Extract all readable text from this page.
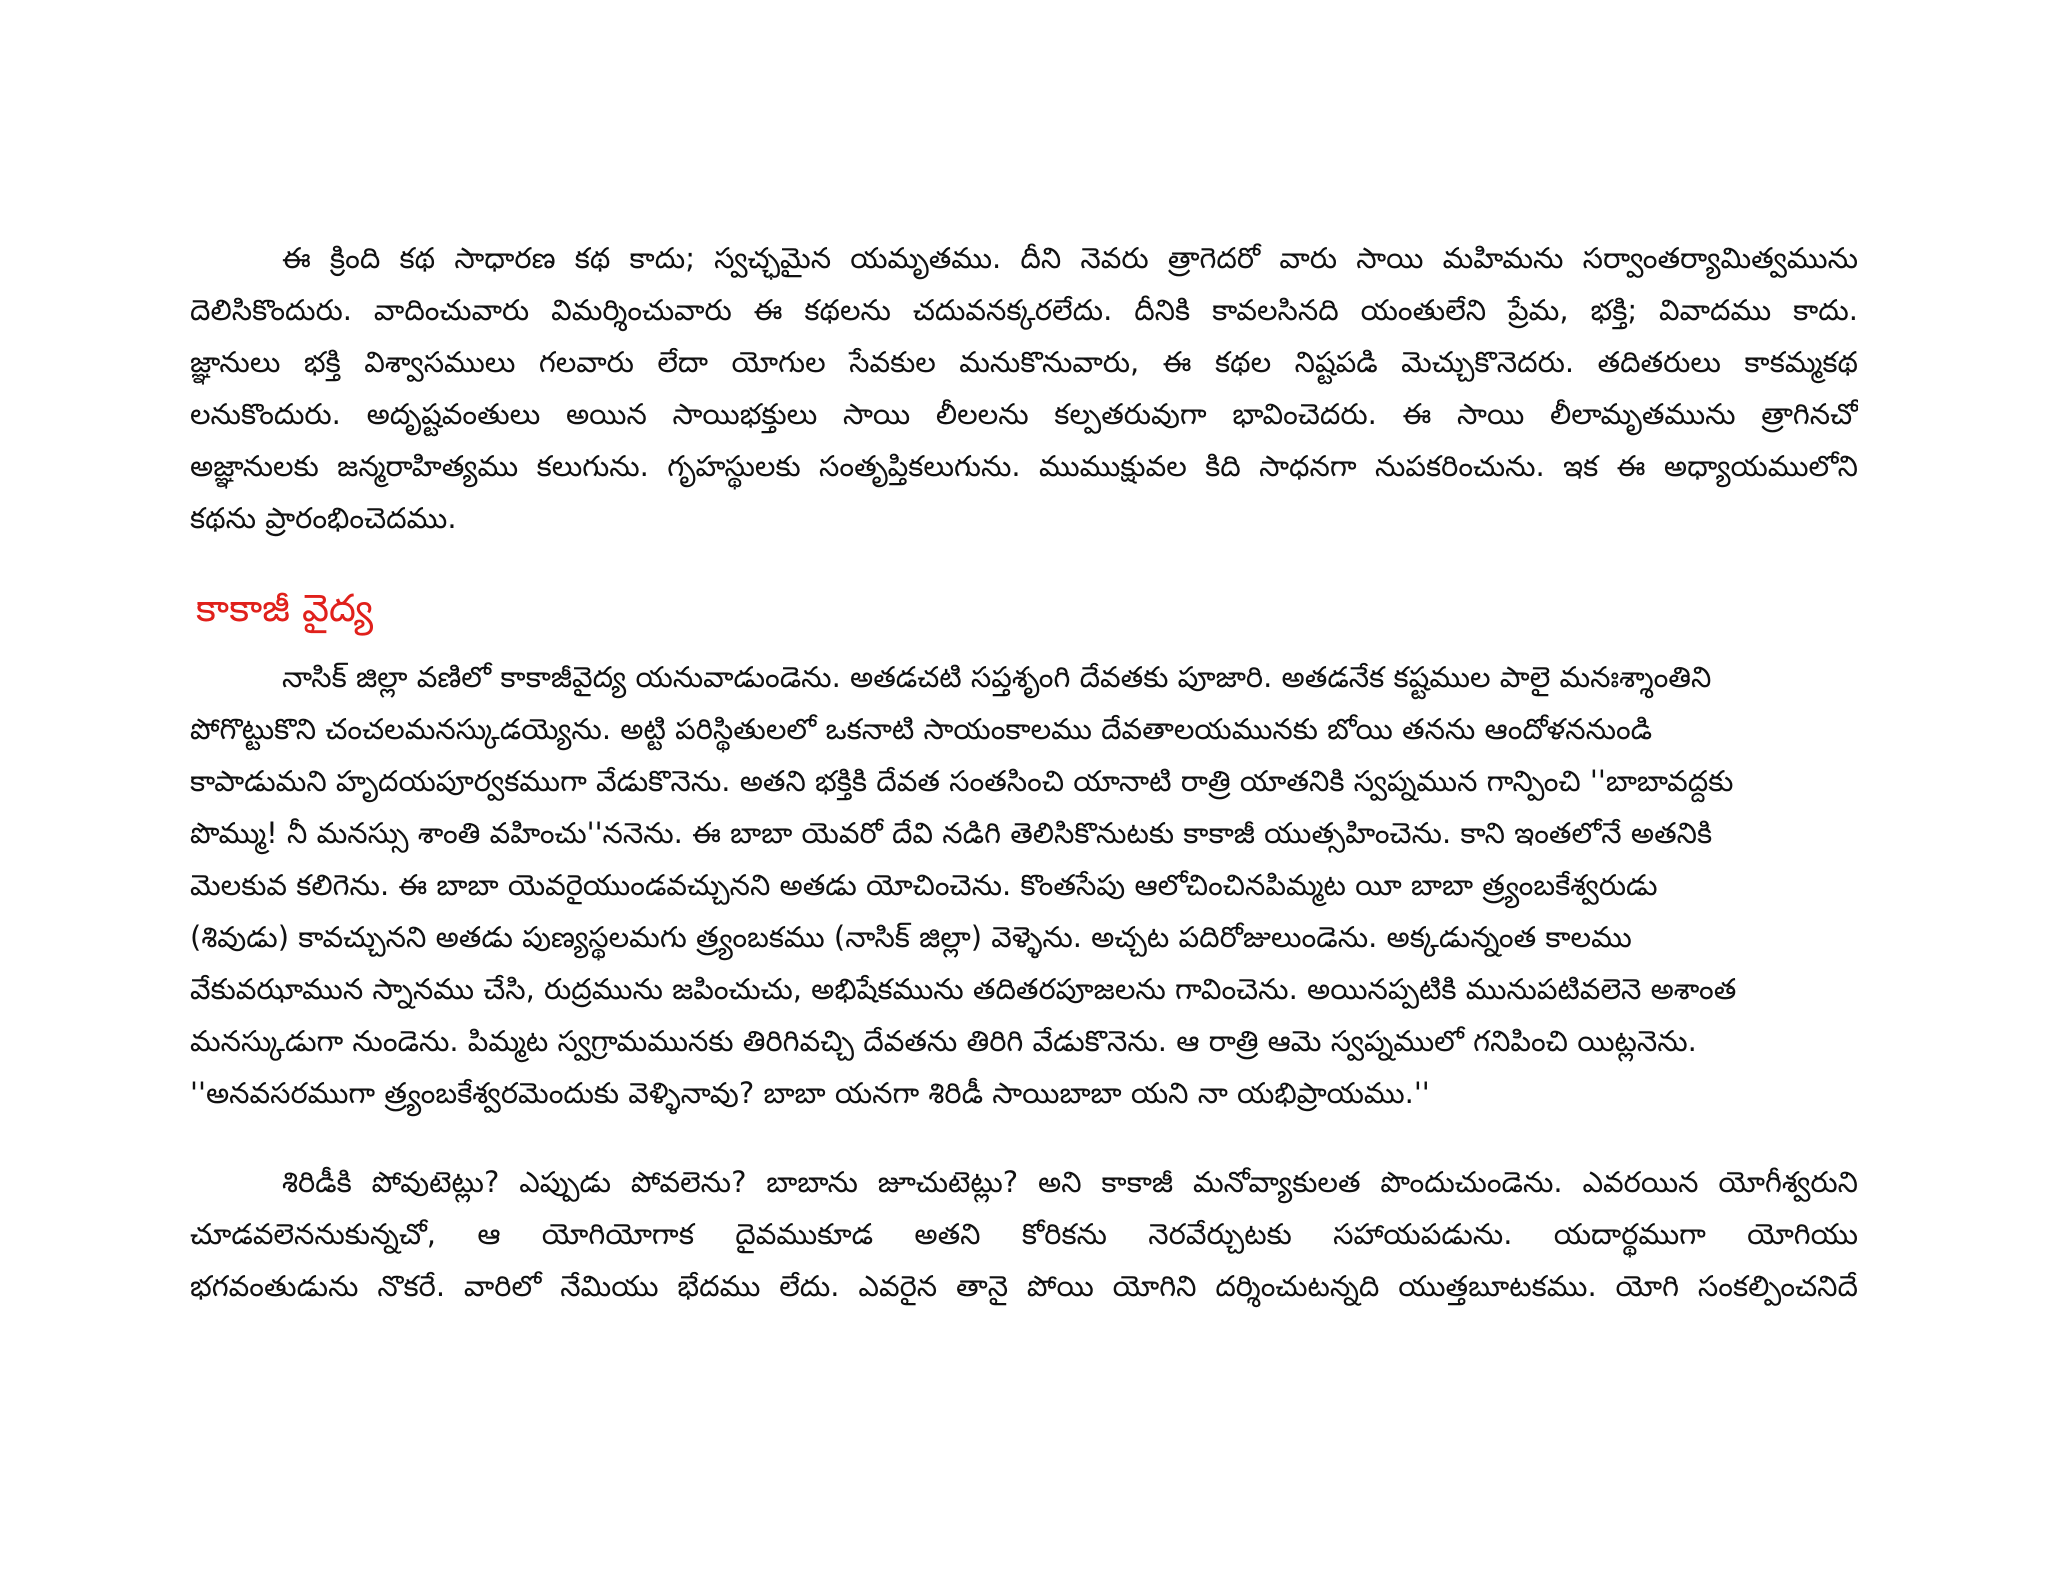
ఈ క్రింది కథ సాధారణ కథ కాదు; స్వచ్ఛమైన యమృతము. దీని నెవరు త్రాగెదరో వారు సాయి మహిమను సర్వాంతర్యామిత్వమును
దెలిసికొందురు. వాదించువారు విమర్శించువారు ఈ కథలను చదువనక్కరలేదు. దీనికి కావలసినది యంతులేని ప్రేమ, భక్తి; వివాదము కాదు.
జ్ఞానులు భక్తి విశ్వాసములు గలవారు లేదా యోగుల సేవకుల మనుకొనువారు, ఈ కథల నిష్టపడి మెచ్చుకొనెదరు. తదితరులు కాకమ్మకథ
లనుకొందురు. అదృష్టవంతులు అయిన సాయిభక్తులు సాయి లీలలను కల్పతరువుగా భావించెదరు. ఈ సాయి లీలామృతమును త్రాగినచో
అజ్ఞానులకు జన్మరాహిత్యము కలుగును. గృహస్థులకు సంతృప్తికలుగును. ముముక్షువల కిది సాధనగా నుపకరించును. ఇక ఈ అధ్యాయములోని
కథను ప్రారంభించెదము.
కాకాజీ వైద్య
నాసిక్ జిల్లా వణిలో కాకాజీవైద్య యనువాడుండెను. అతడచటి సప్తశృంగి దేవతకు పూజారి. అతడనేక కష్టముల పాలై మనఃశ్శాంతిని
పోగొట్టుకొని చంచలమనస్కుడయ్యెను. అట్టి పరిస్థితులలో ఒకనాటి సాయంకాలము దేవతాలయమునకు బోయి తనను ఆందోళననుండి
కాపాడుమని హృదయపూర్వకముగా వేడుకొనెను. అతని భక్తికి దేవత సంతసించి యానాటి రాత్రి యాతనికి స్వప్నమున గాన్పించి ''బాబావద్దకు
పొమ్ము! నీ మనస్సు శాంతి వహించు''ననెను. ఈ బాబా యెవరో దేవి నడిగి తెలిసికొనుటకు కాకాజీ యుత్సహించెను. కాని ఇంతలోనే అతనికి
మెలకువ కలిగెను. ఈ బాబా యెవరైయుండవచ్చునని అతడు యోచించెను. కొంతసేపు ఆలోచించినపిమ్మట యీ బాబా త్ర్యంబకేశ్వరుడు
(శివుడు) కావచ్చునని అతడు పుణ్యస్థలమగు త్ర్యంబకము (నాసిక్ జిల్లా) వెళ్ళెను. అచ్చట పదిరోజులుండెను. అక్కడున్నంత కాలము
వేకువఝామున స్నానము చేసి, రుద్రమును జపించుచు, అభిషేకమును తదితరపూజలను గావించెను. అయినప్పటికి మునుపటివలెనె అశాంత
మనస్కుడుగా నుండెను. పిమ్మట స్వగ్రామమునకు తిరిగివచ్చి దేవతను తిరిగి వేడుకొనెను. ఆ రాత్రి ఆమె స్వప్నములో గనిపించి యిట్లనెను.
''అనవసరముగా త్ర్యంబకేశ్వరమెందుకు వెళ్ళినావు? బాబా యనగా శిరిడీ సాయిబాబా యని నా యభిప్రాయము.''
శిరిడీకి పోవుటెట్లు? ఎప్పుడు పోవలెను? బాబాను జూచుటెట్లు? అని కాకాజీ మనోవ్యాకులత పొందుచుండెను. ఎవరయిన యోగీశ్వరుని
చూడవలెననుకున్నచో, ఆ యోగియోగాక దైవముకూడ అతని కోరికను నెరవేర్చుటకు సహాయపడును. యదార్థముగా యోగియు
భగవంతుడును నొకరే. వారిలో నేమియు భేదము లేదు. ఎవరైన తానై పోయి యోగిని దర్శించుటన్నది యుత్తబూటకము. యోగి సంకల్పించనిదే
